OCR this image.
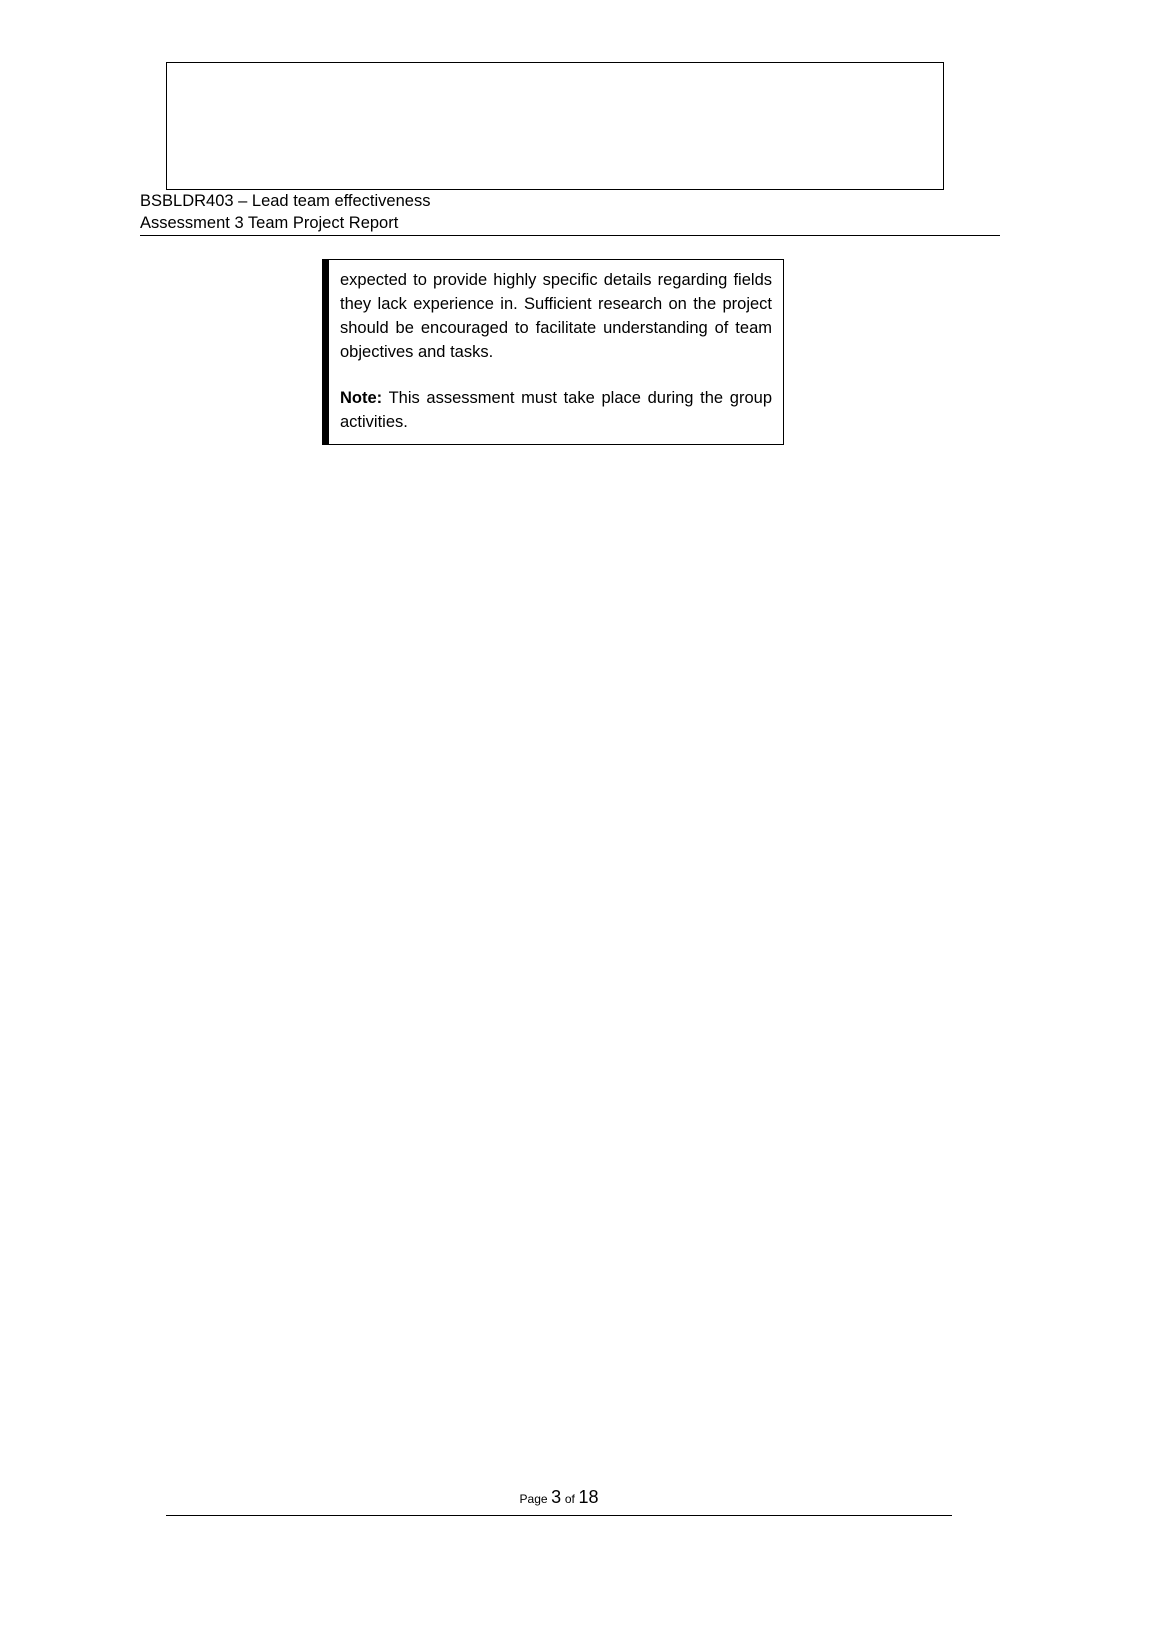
BSBLDR403 – Lead team effectiveness
Assessment 3 Team Project Report

expected to provide highly specific details regarding fields they lack experience in. Sufficient research on the project should be encouraged to facilitate understanding of team objectives and tasks.

Note: This assessment must take place during the group activities.

Page 3 of 18
